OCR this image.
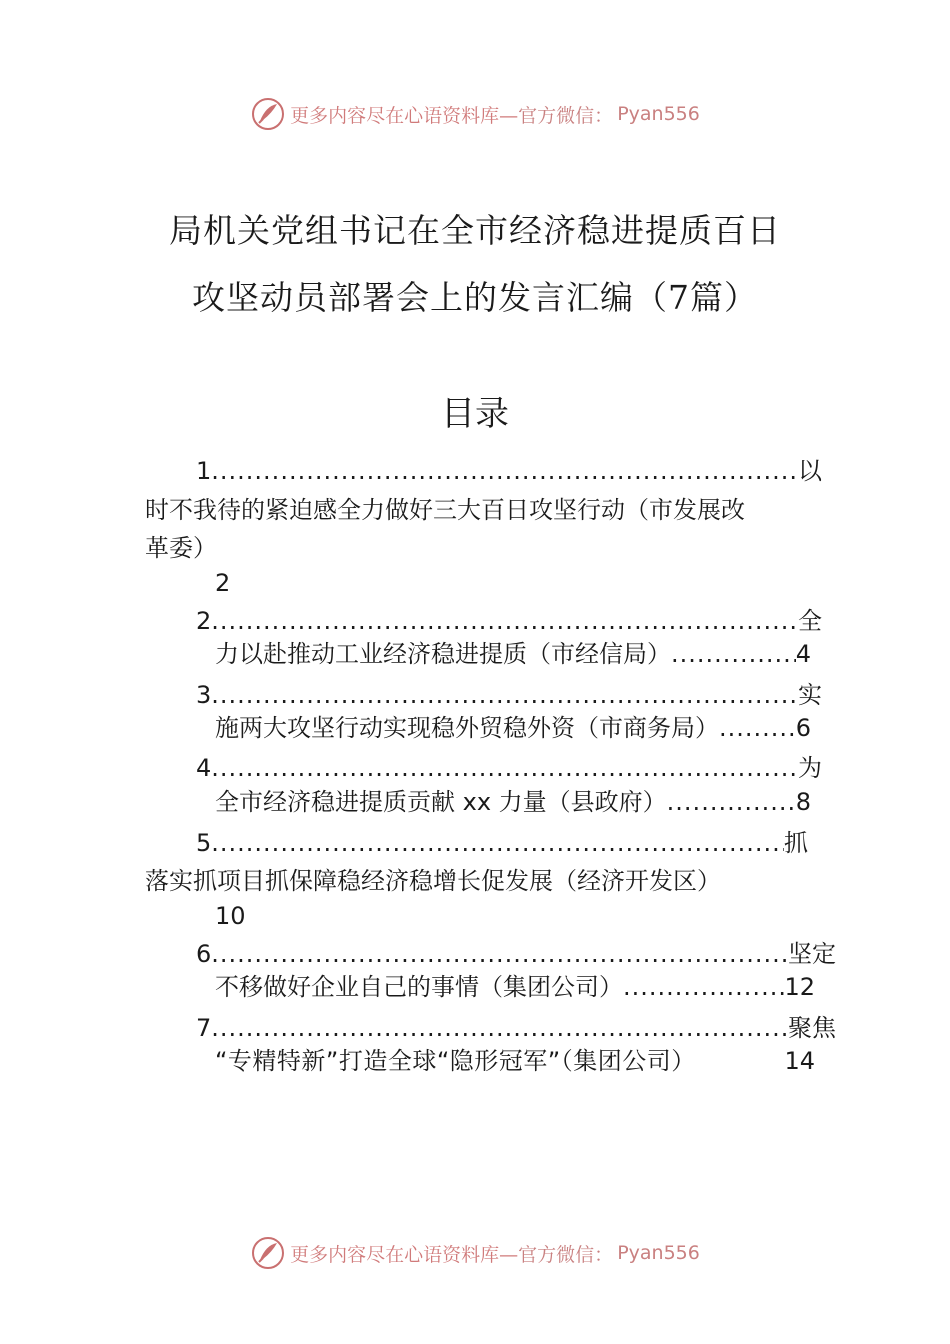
更多内容尽在心语资料库— 官方微信： Pyan556
局机关党组书记在全市经济稳进提质百日
攻坚动员部署会上的发言汇编（7篇）
目录
1 .....	以
时不我待的紧迫感全力做好三大百日攻坚行动（市发展改
革委）
2
2 .....	全
力以赴推动工业经济稳进提质（市经信局） .....	4
3 .....	实
施两大攻坚行动实现稳外贸稳外资（市商务局） .....	6
4 .....	为
全市经济稳进提质贡献 xx 力量（县政府） .....	8
5 .....	抓
落实抓项目抓保障稳经济稳增长促发展（经济开发区）
10
6 .....	坚定
不移做好企业自己的事情（集团公司） .....	12
7 .....	聚焦
“专精特新”打造全球“隐形冠军”（集团公司）	14
更多内容尽在心语资料库— 官方微信： Pyan556
